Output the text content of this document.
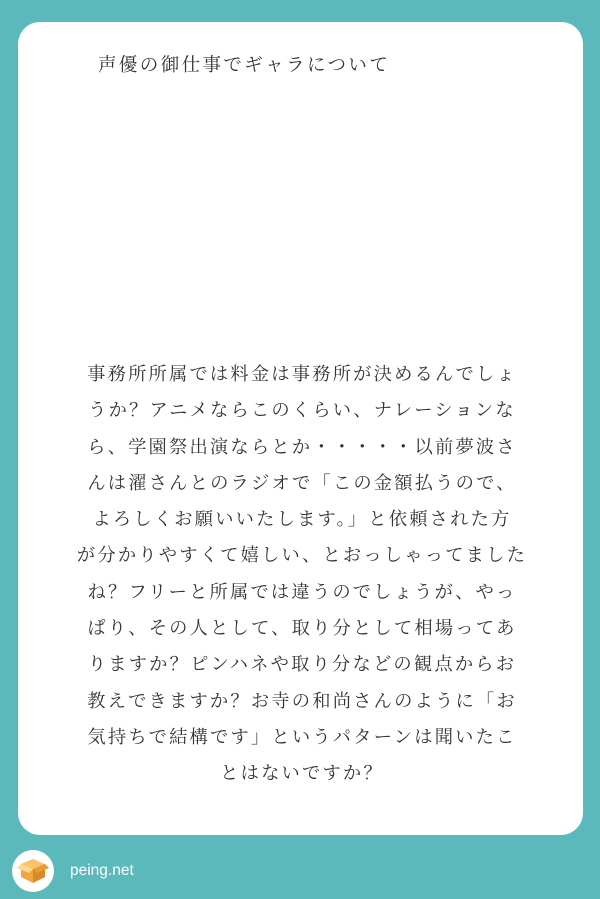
声優の御仕事でギャラについて
事務所所属では料金は事務所が決めるんでしょ
うか？アニメならこのくらい、ナレーションな
ら、学園祭出演ならとか・・・・・以前夢波さ
んは濯さんとのラジオで「この金額払うので、
よろしくお願いいたします。」と依頼された方
が分かりやすくて嬉しい、とおっしゃってました
ね？フリーと所属では違うのでしょうが、やっ
ぱり、その人として、取り分として相場ってあ
りますか？ピンハネや取り分などの観点からお
教えできますか？お寺の和尚さんのように「お
気持ちで結構です」というパターンは聞いたこ
とはないですか？
peing.net
